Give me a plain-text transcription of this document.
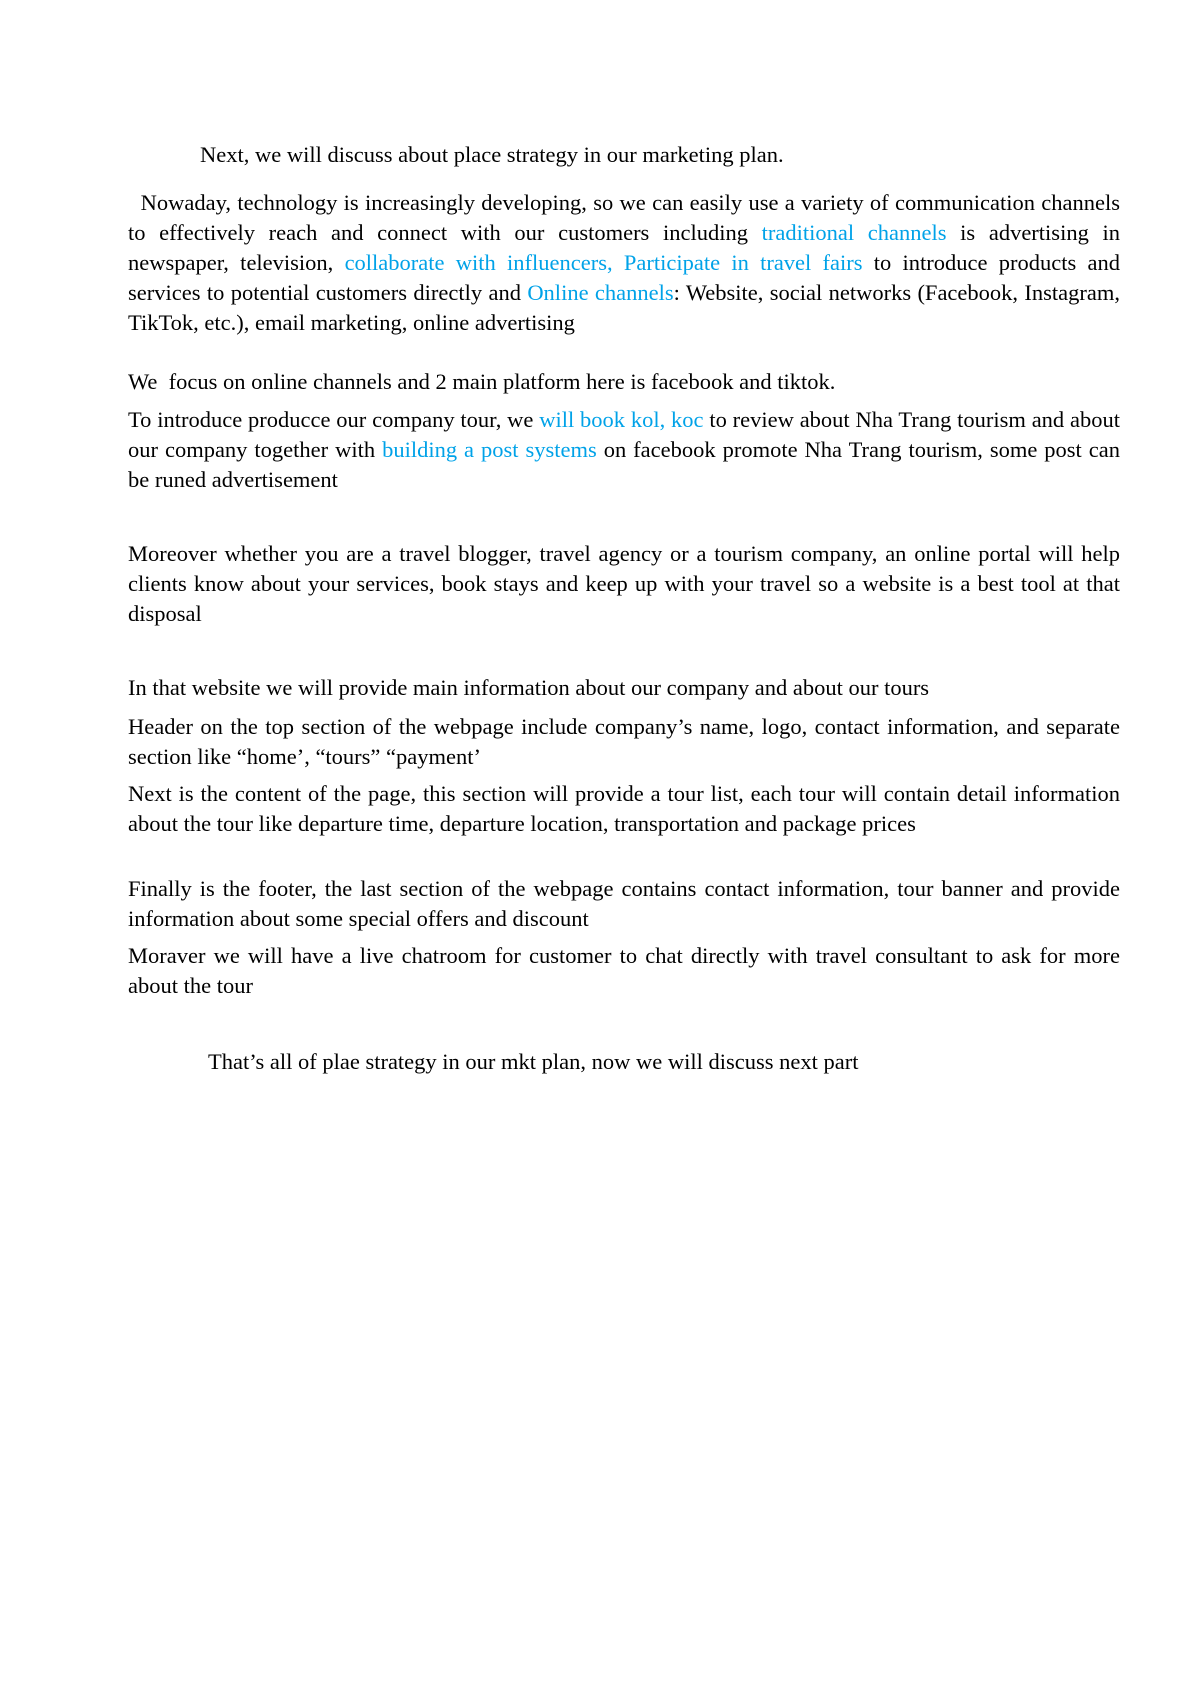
Next, we will discuss about place strategy in our marketing plan.

Nowaday, technology is increasingly developing, so we can easily use a variety of communication channels to effectively reach and connect with our customers including traditional channels is advertising in newspaper, television, collaborate with influencers, Participate in travel fairs to introduce products and services to potential customers directly and Online channels: Website, social networks (Facebook, Instagram, TikTok, etc.), email marketing, online advertising

We  focus on online channels and 2 main platform here is facebook and tiktok.

To introduce producce our company tour, we will book kol, koc to review about Nha Trang tourism and about our company together with building a post systems on facebook promote Nha Trang tourism, some post can be runed advertisement

Moreover whether you are a travel blogger, travel agency or a tourism company, an online portal will help clients know about your services, book stays and keep up with your travel so a website is a best tool at that disposal

In that website we will provide main information about our company and about our tours

Header on the top section of the webpage include company’s name, logo, contact information, and separate section like “home’, “tours” “payment’

Next is the content of the page, this section will provide a tour list, each tour will contain detail information about the tour like departure time, departure location, transportation and package prices

Finally is the footer, the last section of the webpage contains contact information, tour banner and provide information about some special offers and discount

Moraver we will have a live chatroom for customer to chat directly with travel consultant to ask for more about the tour

That’s all of plae strategy in our mkt plan, now we will discuss next part
